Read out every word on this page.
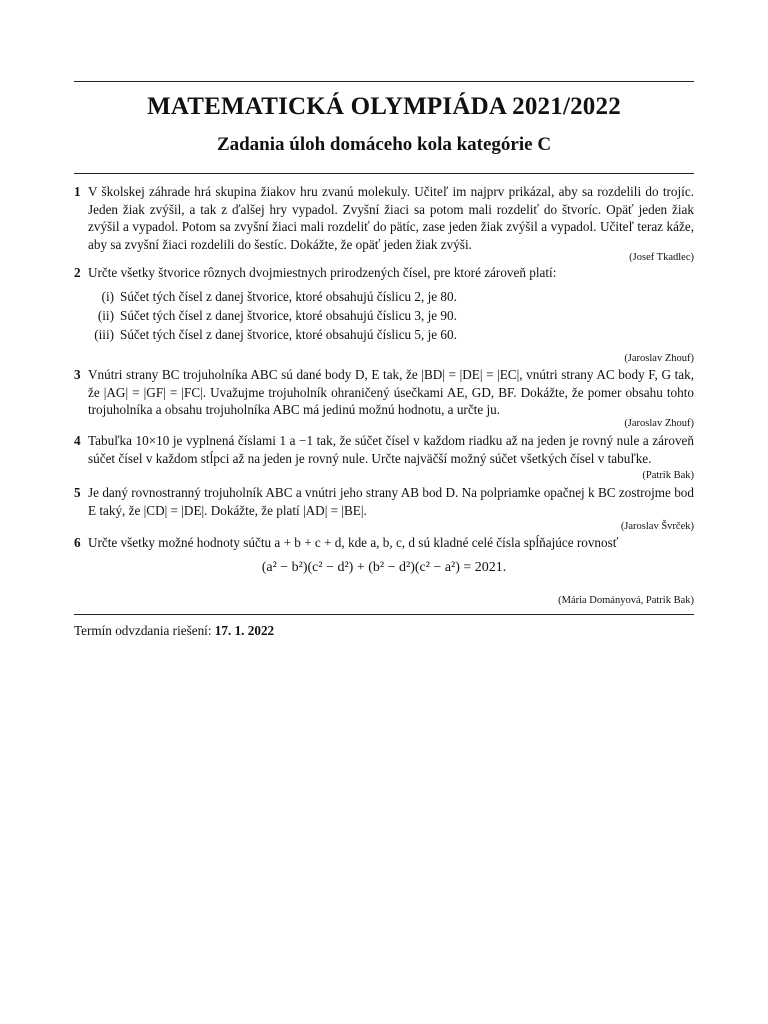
MATEMATICKÁ OLYMPIÁDA 2021/2022
Zadania úloh domáceho kola kategórie C
1 V školskej záhrade hrá skupina žiakov hru zvanú molekuly. Učiteľ im najprv prikázal, aby sa rozdelili do trojíc. Jeden žiak zvýšil, a tak z ďalšej hry vypadol. Zvyšní žiaci sa potom mali rozdeliť do štvoríc. Opäť jeden žiak zvýšil a vypadol. Potom sa zvyšní žiaci mali rozdeliť do pätíc, zase jeden žiak zvýšil a vypadol. Učiteľ teraz káže, aby sa zvyšní žiaci rozdelili do šestíc. Dokážte, že opäť jeden žiak zvýši.
(Josef Tkadlec)
2 Určte všetky štvorice rôznych dvojmiestnych prirodzených čísel, pre ktoré zároveň platí:
(i) Súčet tých čísel z danej štvorice, ktoré obsahujú číslicu 2, je 80.
(ii) Súčet tých čísel z danej štvorice, ktoré obsahujú číslicu 3, je 90.
(iii) Súčet tých čísel z danej štvorice, ktoré obsahujú číslicu 5, je 60.
(Jaroslav Zhouf)
3 Vnútri strany BC trojuholníka ABC sú dané body D, E tak, že |BD| = |DE| = |EC|, vnútri strany AC body F, G tak, že |AG| = |GF| = |FC|. Uvažujme trojuholník ohraničený úsečkami AE, GD, BF. Dokážte, že pomer obsahu tohto trojuholníka a obsahu trojuholníka ABC má jedinú možnú hodnotu, a určte ju.
(Jaroslav Zhouf)
4 Tabuľka 10×10 je vyplnená číslami 1 a −1 tak, že súčet čísel v každom riadku až na jeden je rovný nule a zároveň súčet čísel v každom stĺpci až na jeden je rovný nule. Určte najväčší možný súčet všetkých čísel v tabuľke.
(Patrik Bak)
5 Je daný rovnostranný trojuholník ABC a vnútri jeho strany AB bod D. Na polpriamke opačnej k BC zostrojme bod E taký, že |CD| = |DE|. Dokážte, že platí |AD| = |BE|.
(Jaroslav Švrček)
6 Určte všetky možné hodnoty súčtu a + b + c + d, kde a, b, c, d sú kladné celé čísla spĺňajúce rovnosť
(a² − b²)(c² − d²) + (b² − d²)(c² − a²) = 2021.
(Mária Dományová, Patrik Bak)
Termín odvzdania riešení: 17. 1. 2022
